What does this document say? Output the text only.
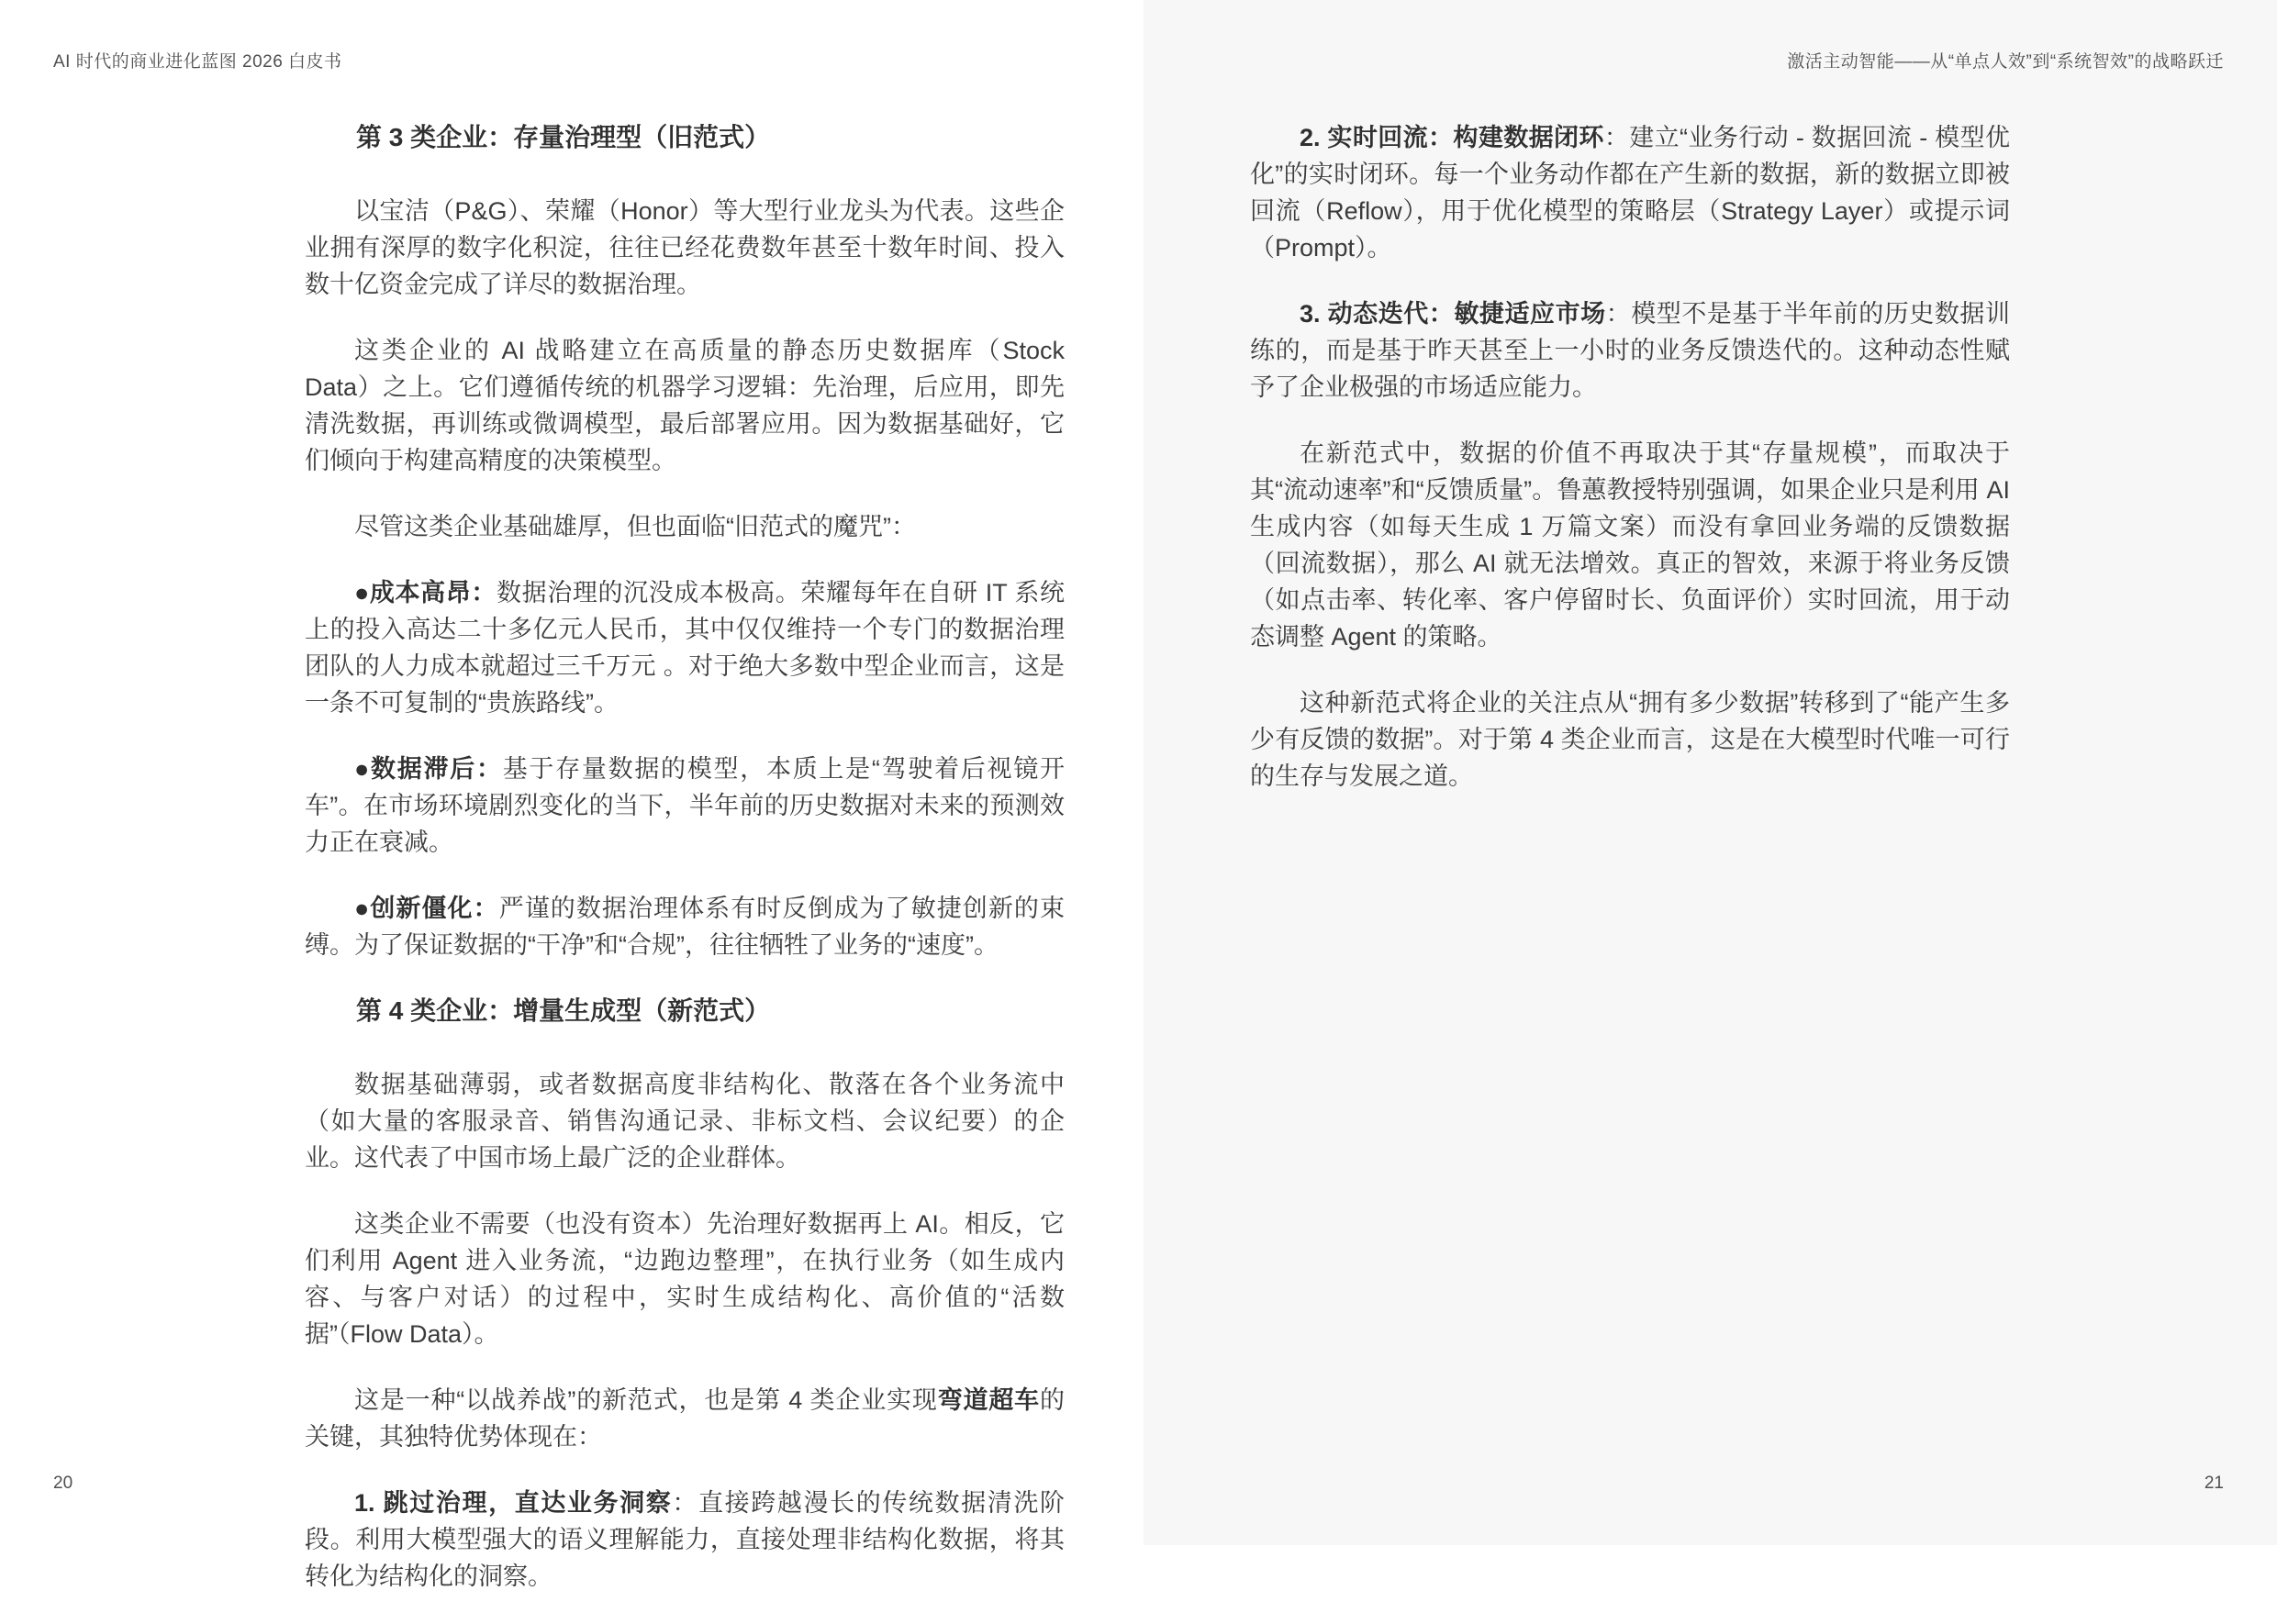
AI 时代的商业进化蓝图 2026 白皮书
第 3 类企业：存量治理型（旧范式）
以宝洁（P&G）、荣耀（Honor）等大型行业龙头为代表。这些企业拥有深厚的数字化积淀，往往已经花费数年甚至十数年时间、投入数十亿资金完成了详尽的数据治理。
这类企业的 AI 战略建立在高质量的静态历史数据库（Stock Data）之上。它们遵循传统的机器学习逻辑：先治理，后应用，即先清洗数据，再训练或微调模型，最后部署应用。因为数据基础好，它们倾向于构建高精度的决策模型。
尽管这类企业基础雄厚，但也面临“旧范式的魔咒”：
●成本高昂：数据治理的沉没成本极高。荣耀每年在自研 IT 系统上的投入高达二十多亿元人民币，其中仅仅维持一个专门的数据治理团队的人力成本就超过三千万元 。对于绝大多数中型企业而言，这是一条不可复制的“贵族路线”。
●数据滞后：基于存量数据的模型，本质上是“驾驶着后视镜开车”。在市场环境剧烈变化的当下，半年前的历史数据对未来的预测效力正在衰减。
●创新僵化：严谨的数据治理体系有时反倒成为了敏捷创新的束缚。为了保证数据的“干净”和“合规”，往往牺牲了业务的“速度”。
第 4 类企业：增量生成型（新范式）
数据基础薄弱，或者数据高度非结构化、散落在各个业务流中（如大量的客服录音、销售沟通记录、非标文档、会议纪要）的企业。这代表了中国市场上最广泛的企业群体。
这类企业不需要（也没有资本）先治理好数据再上 AI。相反，它们利用 Agent 进入业务流，“边跑边整理”，在执行业务（如生成内容、与客户对话）的过程中，实时生成结构化、高价值的“活数据”（Flow Data）。
这是一种“以战养战”的新范式，也是第 4 类企业实现弯道超车的关键，其独特优势体现在：
1. 跳过治理，直达业务洞察：直接跨越漫长的传统数据清洗阶段。利用大模型强大的语义理解能力，直接处理非结构化数据，将其转化为结构化的洞察。
20
激活主动智能——从“单点人效”到“系统智效”的战略跃迁
2. 实时回流：构建数据闭环：建立“业务行动 - 数据回流 - 模型优化”的实时闭环。每一个业务动作都在产生新的数据，新的数据立即被回流（Reflow），用于优化模型的策略层（Strategy Layer）或提示词（Prompt）。
3. 动态迭代：敏捷适应市场：模型不是基于半年前的历史数据训练的，而是基于昨天甚至上一小时的业务反馈迭代的。这种动态性赋予了企业极强的市场适应能力。
在新范式中，数据的价值不再取决于其“存量规模”，而取决于其“流动速率”和“反馈质量”。鲁蕙教授特别强调，如果企业只是利用 AI 生成内容（如每天生成 1 万篇文案）而没有拿回业务端的反馈数据（回流数据），那么 AI 就无法增效。真正的智效，来源于将业务反馈（如点击率、转化率、客户停留时长、负面评价）实时回流，用于动态调整 Agent 的策略。
这种新范式将企业的关注点从“拥有多少数据”转移到了“能产生多少有反馈的数据”。对于第 4 类企业而言，这是在大模型时代唯一可行的生存与发展之道。
21
